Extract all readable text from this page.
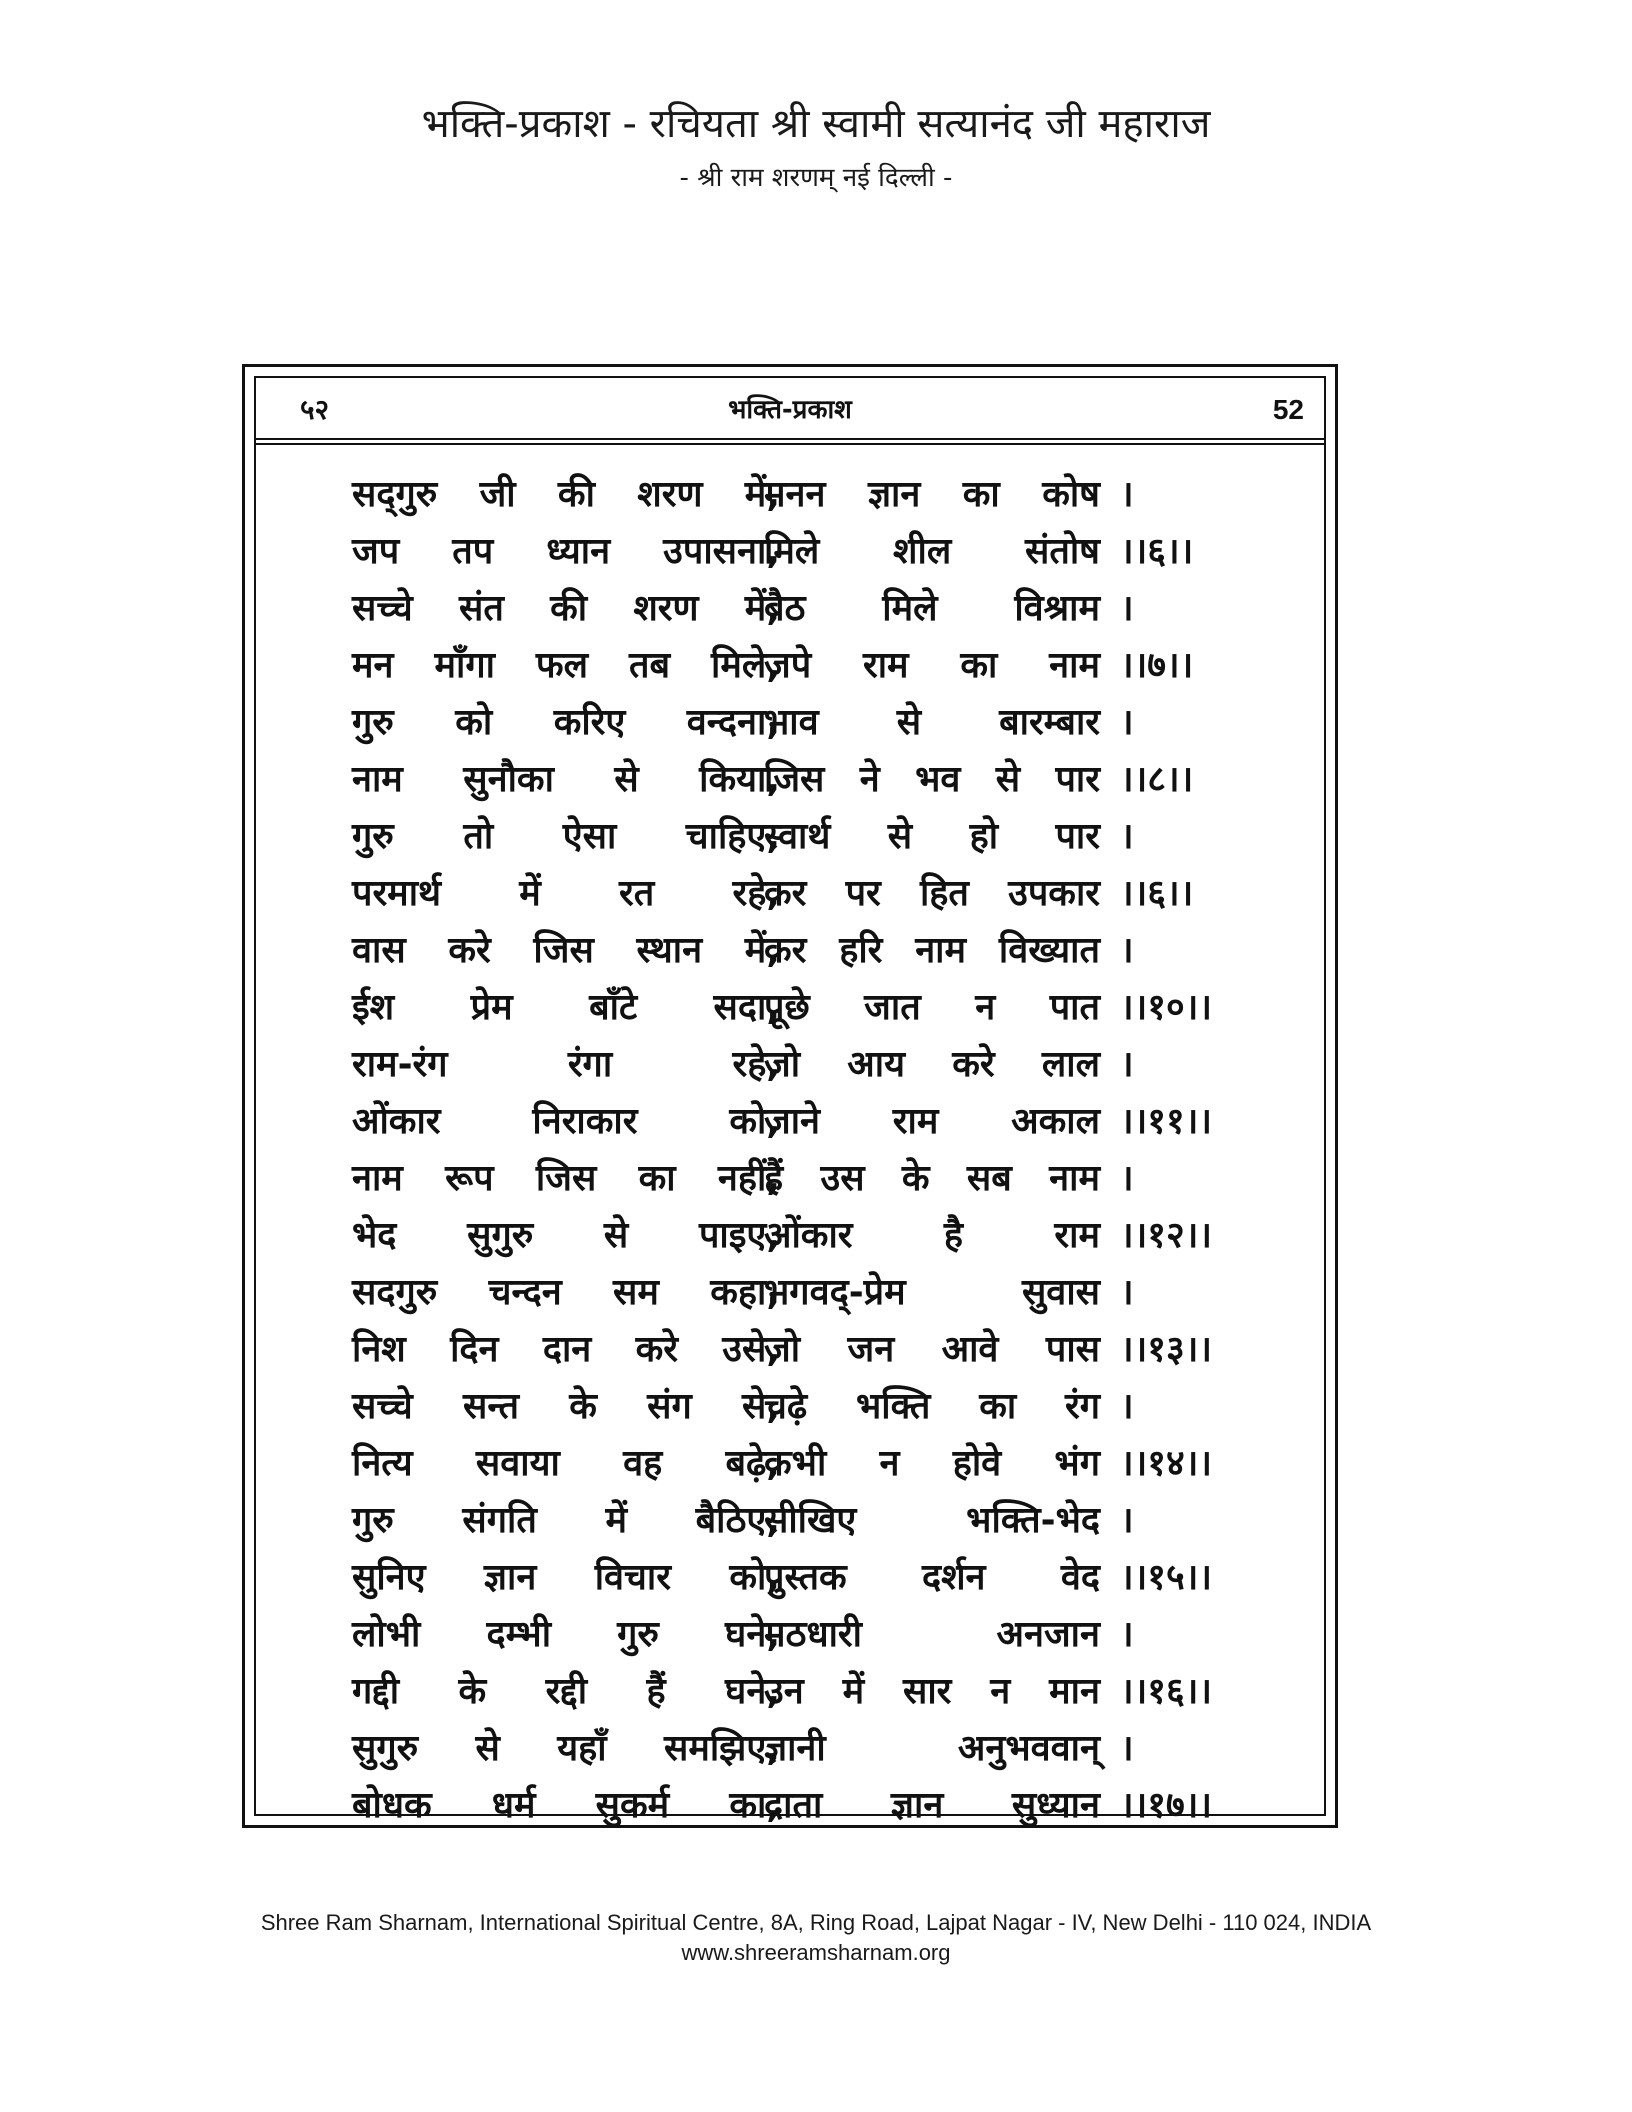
भक्ति-प्रकाश - रचियता श्री स्वामी सत्यानंद जी महाराज
- श्री राम शरणम् नई दिल्ली -
५२	भक्ति-प्रकाश	52
सद्‌गुरु जी की शरण में,
मनन ज्ञान का कोष ।
जप तप ध्यान उपासना,
मिले शील संतोष ।।६।।
सच्चे संत की शरण में,
बैठ मिले विश्राम ।
मन माँगा फल तब मिले,
जपे राम का नाम ।।७।।
गुरु को करिए वन्दना,
भाव से बारम्बार ।
नाम सुनौका से किया,
जिस ने भव से पार ।।८।।
गुरु तो ऐसा चाहिए,
स्वार्थ से हो पार ।
परमार्थ में रत रहे,
कर पर हित उपकार ।।६।।
वास करे जिस स्थान में,
कर हरि नाम विख्यात ।
ईश प्रेम बाँटे सदा,
पूछे जात न पात ।।१०।।
राम-रंग रंगा रहे,
जो आय करे लाल ।
ओंकार निराकार को,
जाने राम अकाल ।।११।।
नाम रूप जिस का नहीं,
हैं उस के सब नाम ।
भेद सुगुरु से पाइए,
ओंकार है राम ।।१२।।
सदगुरु चन्दन सम कहा,
भगवद्-प्रेम सुवास ।
निश दिन दान करे उसे,
जो जन आवे पास ।।१३।।
सच्चे सन्त के संग से,
चढ़े भक्ति का रंग ।
नित्य सवाया वह बढ़े,
कभी न होवे भंग ।।१४।।
गुरु संगति में बैठिए,
सीखिए भक्ति-भेद ।
सुनिए ज्ञान विचार को,
पुस्तक दर्शन वेद ।।१५।।
लोभी दम्भी गुरु घने,
मठधारी अनजान ।
गद्दी के रद्दी हैं घने,
उन में सार न मान ।।१६।।
सुगुरु से यहाँ समझिए,
ज्ञानी अनुभववान् ।
बोधक धर्म सुकर्म का,
दाता ज्ञान सुध्यान ।।१७।।
Shree Ram Sharnam, International Spiritual Centre, 8A, Ring Road, Lajpat Nagar - IV, New Delhi - 110 024, INDIA
www.shreeramsharnam.org
